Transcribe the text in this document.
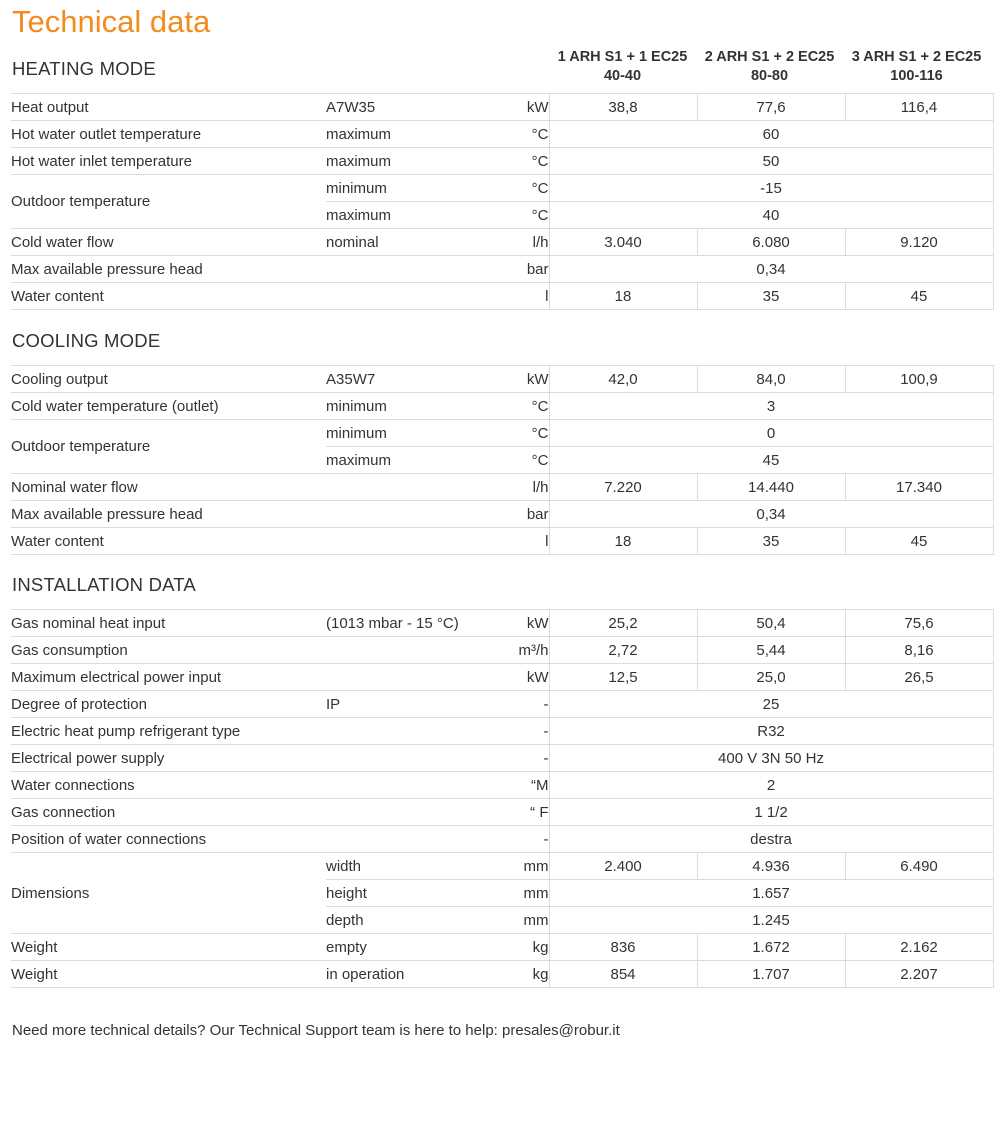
Technical data
1 ARH S1 + 1 EC25
40-40
2 ARH S1 + 2 EC25
80-80
3 ARH S1 + 2 EC25
100-116
HEATING MODE
Heat output	A7W35	kW	38,8	77,6	116,4
Hot water outlet temperature	maximum	°C	60		
Hot water inlet temperature	maximum	°C	50		
Outdoor temperature	minimum	°C	-15		
	maximum	°C	40		
Cold water flow	nominal	l/h	3.040	6.080	9.120
Max available pressure head		bar	0,34		
Water content		l	18	35	45
COOLING MODE
Cooling output	A35W7	kW	42,0	84,0	100,9
Cold water temperature (outlet)	minimum	°C	3		
Outdoor temperature	minimum	°C	0		
	maximum	°C	45		
Nominal water flow		l/h	7.220	14.440	17.340
Max available pressure head		bar	0,34		
Water content		l	18	35	45
INSTALLATION DATA
Gas nominal heat input	(1013 mbar - 15 °C)	kW	25,2	50,4	75,6
Gas consumption		m³/h	2,72	5,44	8,16
Maximum electrical power input		kW	12,5	25,0	26,5
Degree of protection	IP	-	25		
Electric heat pump refrigerant type		-	R32		
Electrical power supply		-	400 V 3N 50 Hz		
Water connections		“M	2		
Gas connection		“ F	1 1/2		
Position of water connections		-	destra		
Dimensions	width	mm	2.400	4.936	6.490
	height	mm	1.657		
	depth	mm	1.245		
Weight	empty	kg	836	1.672	2.162
Weight	in operation	kg	854	1.707	2.207

Need more technical details? Our Technical Support team is here to help: presales@robur.it
